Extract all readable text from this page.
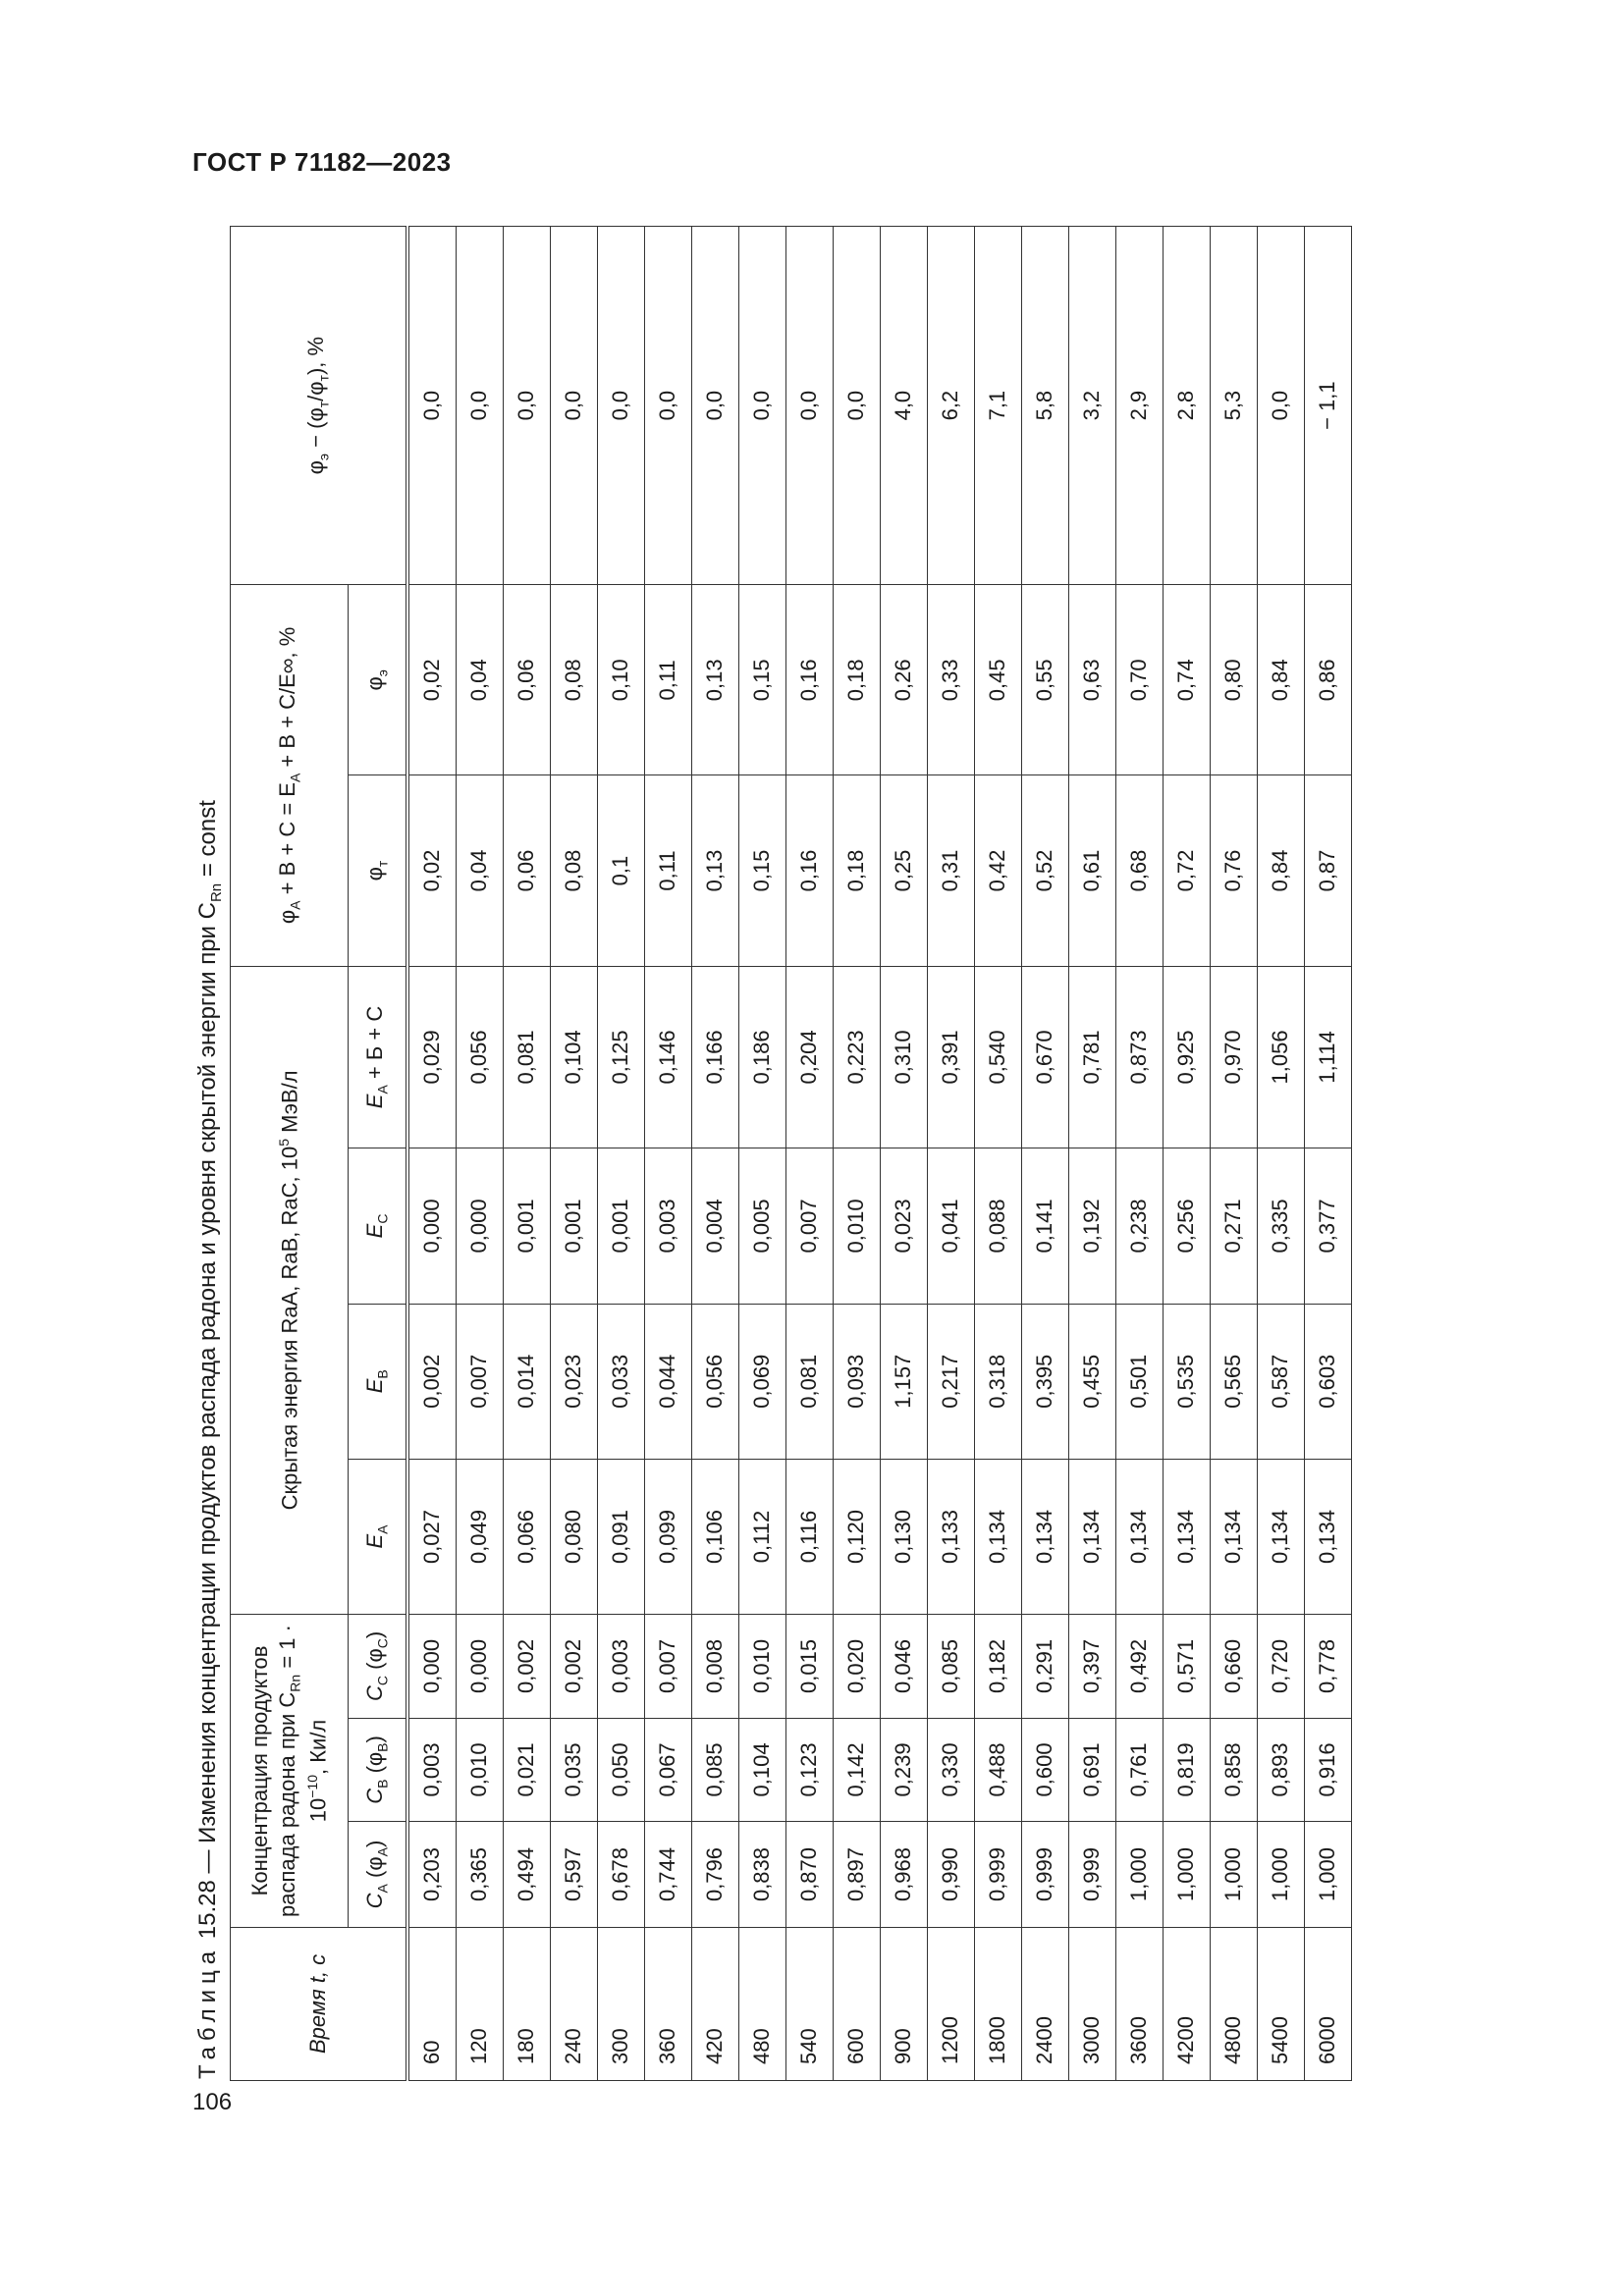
ГОСТ Р 71182—2023
106
Таблица 15.28 — Изменения концентрации продуктов распада радона и уровня скрытой энергии при $C_{Rn}$ = const
Время t, с	Концентрация продуктов распада радона при $C_{Rn} = 1 \cdot 10^{-10}$, Ки/л			Скрытая энергия RaA, RaB, RaC, $10^5$ МэВ/л				$\varphi_A + B + C = E_A + B + C/E\infty$, %		$\varphi_э - (\varphi_т/\varphi_т)$, %
	$C_A$ $(\varphi_A)$	$C_B$ $(\varphi_B)$	$C_C$ $(\varphi_C)$	$E_A$	$E_B$	$E_C$	$E_A + Б + С$	$\varphi_т$	$\varphi_э$
60	0,203	0,003	0,000	0,027	0,002	0,000	0,029	0,02	0,02	0,0
120	0,365	0,010	0,000	0,049	0,007	0,000	0,056	0,04	0,04	0,0
180	0,494	0,021	0,002	0,066	0,014	0,001	0,081	0,06	0,06	0,0
240	0,597	0,035	0,002	0,080	0,023	0,001	0,104	0,08	0,08	0,0
300	0,678	0,050	0,003	0,091	0,033	0,001	0,125	0,1	0,10	0,0
360	0,744	0,067	0,007	0,099	0,044	0,003	0,146	0,11	0,11	0,0
420	0,796	0,085	0,008	0,106	0,056	0,004	0,166	0,13	0,13	0,0
480	0,838	0,104	0,010	0,112	0,069	0,005	0,186	0,15	0,15	0,0
540	0,870	0,123	0,015	0,116	0,081	0,007	0,204	0,16	0,16	0,0
600	0,897	0,142	0,020	0,120	0,093	0,010	0,223	0,18	0,18	0,0
900	0,968	0,239	0,046	0,130	1,157	0,023	0,310	0,25	0,26	4,0
1200	0,990	0,330	0,085	0,133	0,217	0,041	0,391	0,31	0,33	6,2
1800	0,999	0,488	0,182	0,134	0,318	0,088	0,540	0,42	0,45	7,1
2400	0,999	0,600	0,291	0,134	0,395	0,141	0,670	0,52	0,55	5,8
3000	0,999	0,691	0,397	0,134	0,455	0,192	0,781	0,61	0,63	3,2
3600	1,000	0,761	0,492	0,134	0,501	0,238	0,873	0,68	0,70	2,9
4200	1,000	0,819	0,571	0,134	0,535	0,256	0,925	0,72	0,74	2,8
4800	1,000	0,858	0,660	0,134	0,565	0,271	0,970	0,76	0,80	5,3
5400	1,000	0,893	0,720	0,134	0,587	0,335	1,056	0,84	0,84	0,0
6000	1,000	0,916	0,778	0,134	0,603	0,377	1,114	0,87	0,86	− 1,1
